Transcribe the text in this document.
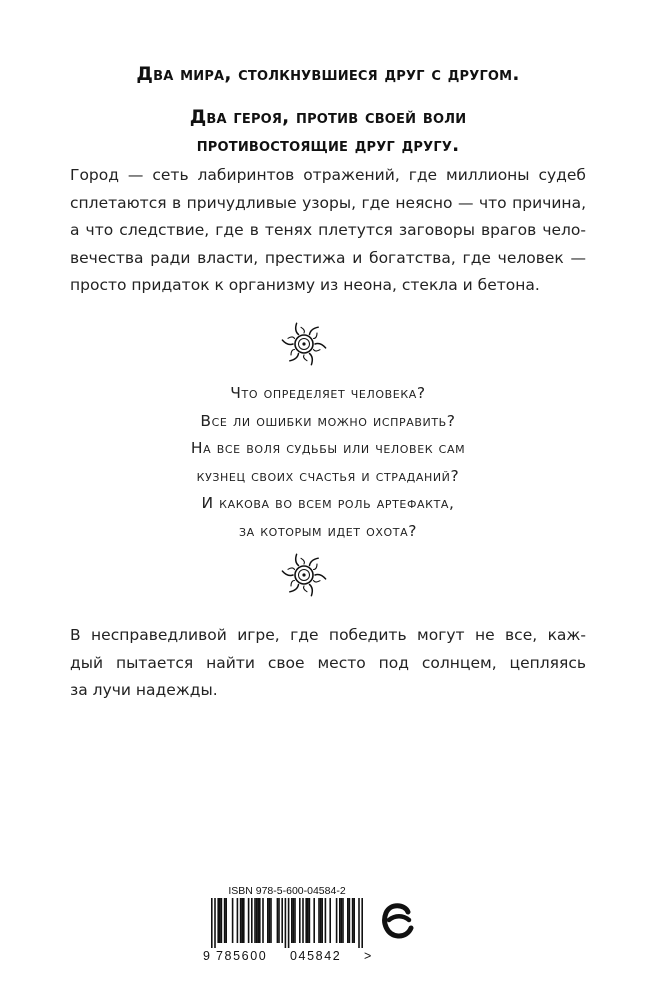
Два мира, столкнувшиеся друг с другом.
Два героя, против своей воли
противостоящие друг другу.
Город — сеть лабиринтов отражений, где миллионы судеб
сплетаются в причудливые узоры, где неясно — что причина,
а что следствие, где в тенях плетутся заговоры врагов чело-
вечества ради власти, престижа и богатства, где человек —
просто придаток к организму из неона, стекла и бетона.
Что определяет человека?
Все ли ошибки можно исправить?
На все воля судьбы или человек сам
кузнец своих счастья и страданий?
И какова во всем роль артефакта,
за которым идет охота?
В несправедливой игре, где победить могут не все, каж-
дый пытается найти свое место под солнцем, цепляясь
за лучи надежды.
ISBN 978-5-600-04584-2
9 785600 045842 >
